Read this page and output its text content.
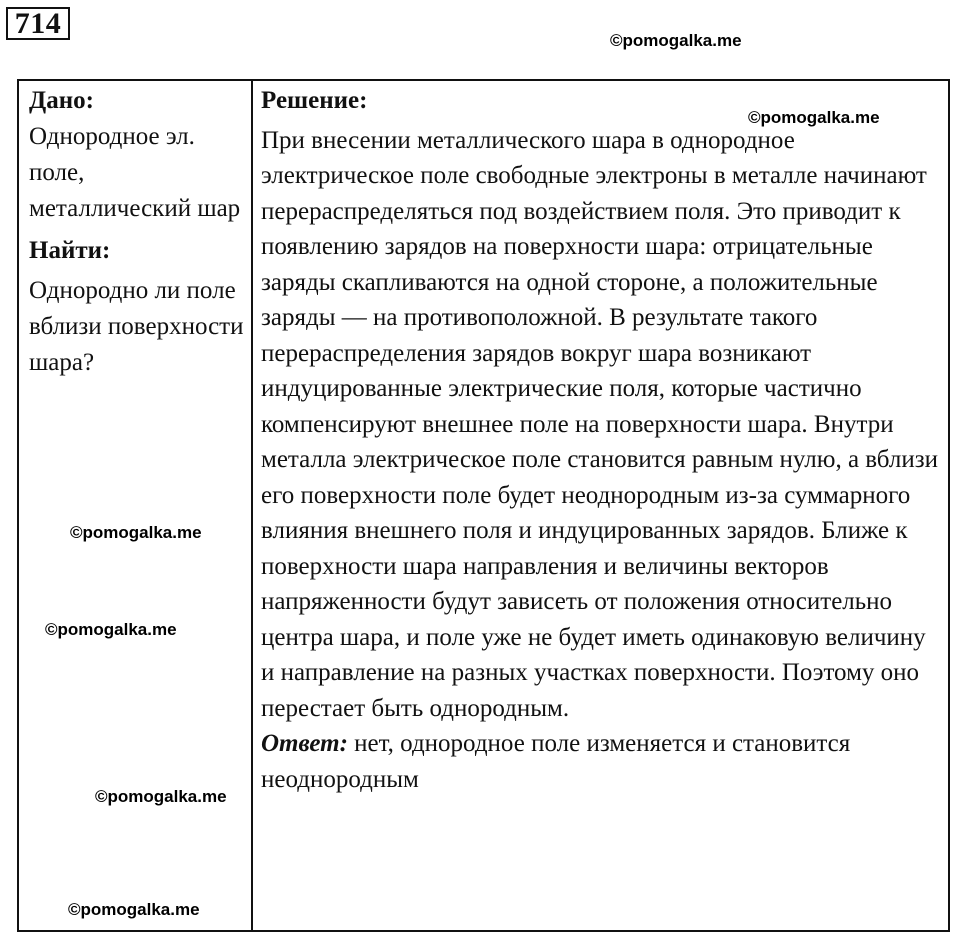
714
©pomogalka.me
Дано:
Однородное эл. поле, металлический шар
Найти:
Однородно ли поле вблизи поверхности шара?
Решение:
При внесении металлического шара в однородное электрическое поле свободные электроны в металле начинают перераспределяться под воздействием поля. Это приводит к появлению зарядов на поверхности шара: отрицательные заряды скапливаются на одной стороне, а положительные заряды — на противоположной. В результате такого перераспределения зарядов вокруг шара возникают индуцированные электрические поля, которые частично компенсируют внешнее поле на поверхности шара. Внутри металла электрическое поле становится равным нулю, а вблизи его поверхности поле будет неоднородным из-за суммарного влияния внешнего поля и индуцированных зарядов. Ближе к поверхности шара направления и величины векторов напряженности будут зависеть от положения относительно центра шара, и поле уже не будет иметь одинаковую величину и направление на разных участках поверхности. Поэтому оно перестает быть однородным.
Ответ: нет, однородное поле изменяется и становится неоднородным
©pomogalka.me
©pomogalka.me
©pomogalka.me
©pomogalka.me
©pomogalka.me
